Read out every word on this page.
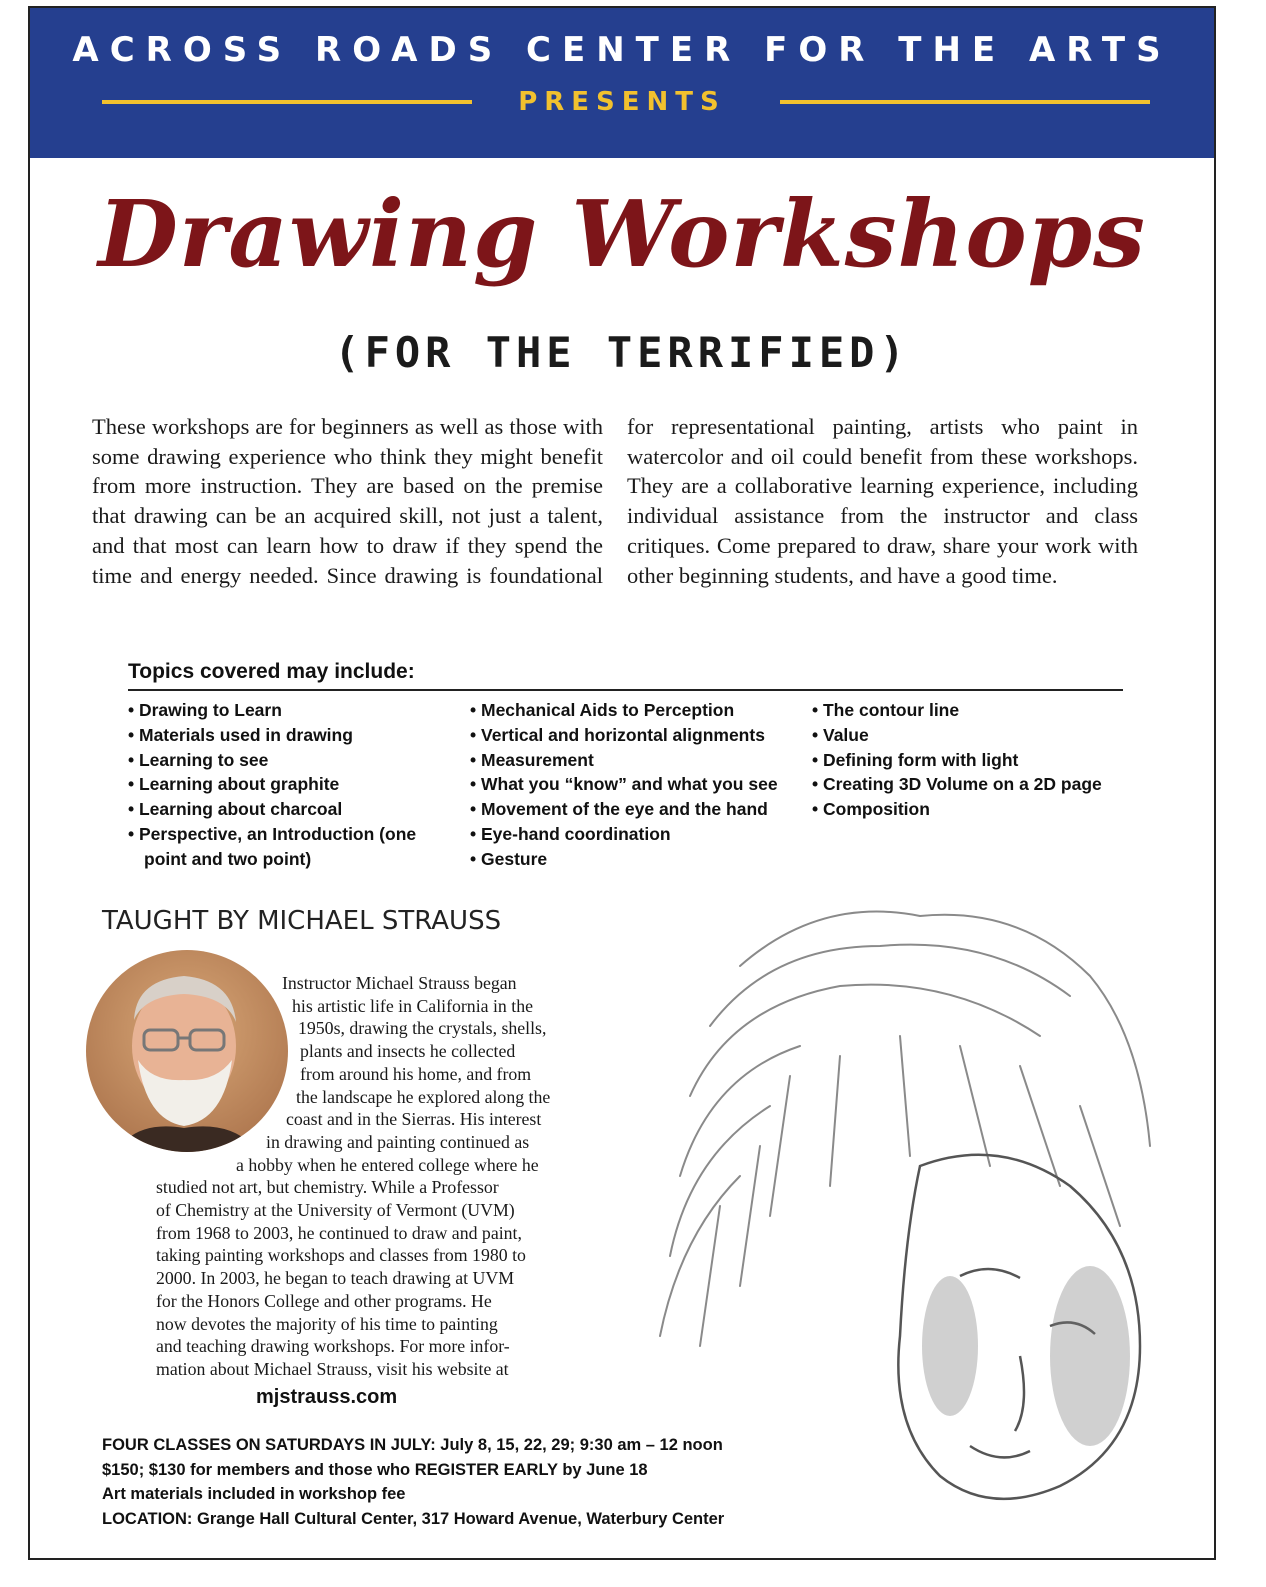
ACROSS ROADS CENTER FOR THE ARTS
PRESENTS
Drawing Workshops
(FOR THE TERRIFIED)
These workshops are for beginners as well as those with some drawing experience who think they might benefit from more instruction. They are based on the premise that drawing can be an acquired skill, not just a talent, and that most can learn how to draw if they spend the time and energy needed. Since drawing is foundational for representational painting, artists who paint in watercolor and oil could benefit from these workshops. They are a collaborative learning experience, including individual assistance from the instructor and class critiques. Come prepared to draw, share your work with other beginning students, and have a good time.
Topics covered may include:
• Drawing to Learn
• Materials used in drawing
• Learning to see
• Learning about graphite
• Learning about charcoal
• Perspective, an Introduction (one point and two point)
• Mechanical Aids to Perception
• Vertical and horizontal alignments
• Measurement
• What you “know” and what you see
• Movement of the eye and the hand
• Eye-hand coordination
• Gesture
• The contour line
• Value
• Defining form with light
• Creating 3D Volume on a 2D page
• Composition
TAUGHT BY MICHAEL STRAUSS
Instructor Michael Strauss began
his artistic life in California in the
1950s, drawing the crystals, shells,
plants and insects he collected
from around his home, and from
the landscape he explored along the
coast and in the Sierras. His interest
in drawing and painting continued as
a hobby when he entered college where he
studied not art, but chemistry. While a Professor
of Chemistry at the University of Vermont (UVM)
from 1968 to 2003, he continued to draw and paint,
taking painting workshops and classes from 1980 to
2000. In 2003, he began to teach drawing at UVM
for the Honors College and other programs. He
now devotes the majority of his time to painting
and teaching drawing workshops. For more infor-
mation about Michael Strauss, visit his website at
mjstrauss.com
FOUR CLASSES ON SATURDAYS IN JULY: July 8, 15, 22, 29; 9:30 am – 12 noon
$150; $130 for members and those who REGISTER EARLY by June 18
Art materials included in workshop fee
LOCATION: Grange Hall Cultural Center, 317 Howard Avenue, Waterbury Center
